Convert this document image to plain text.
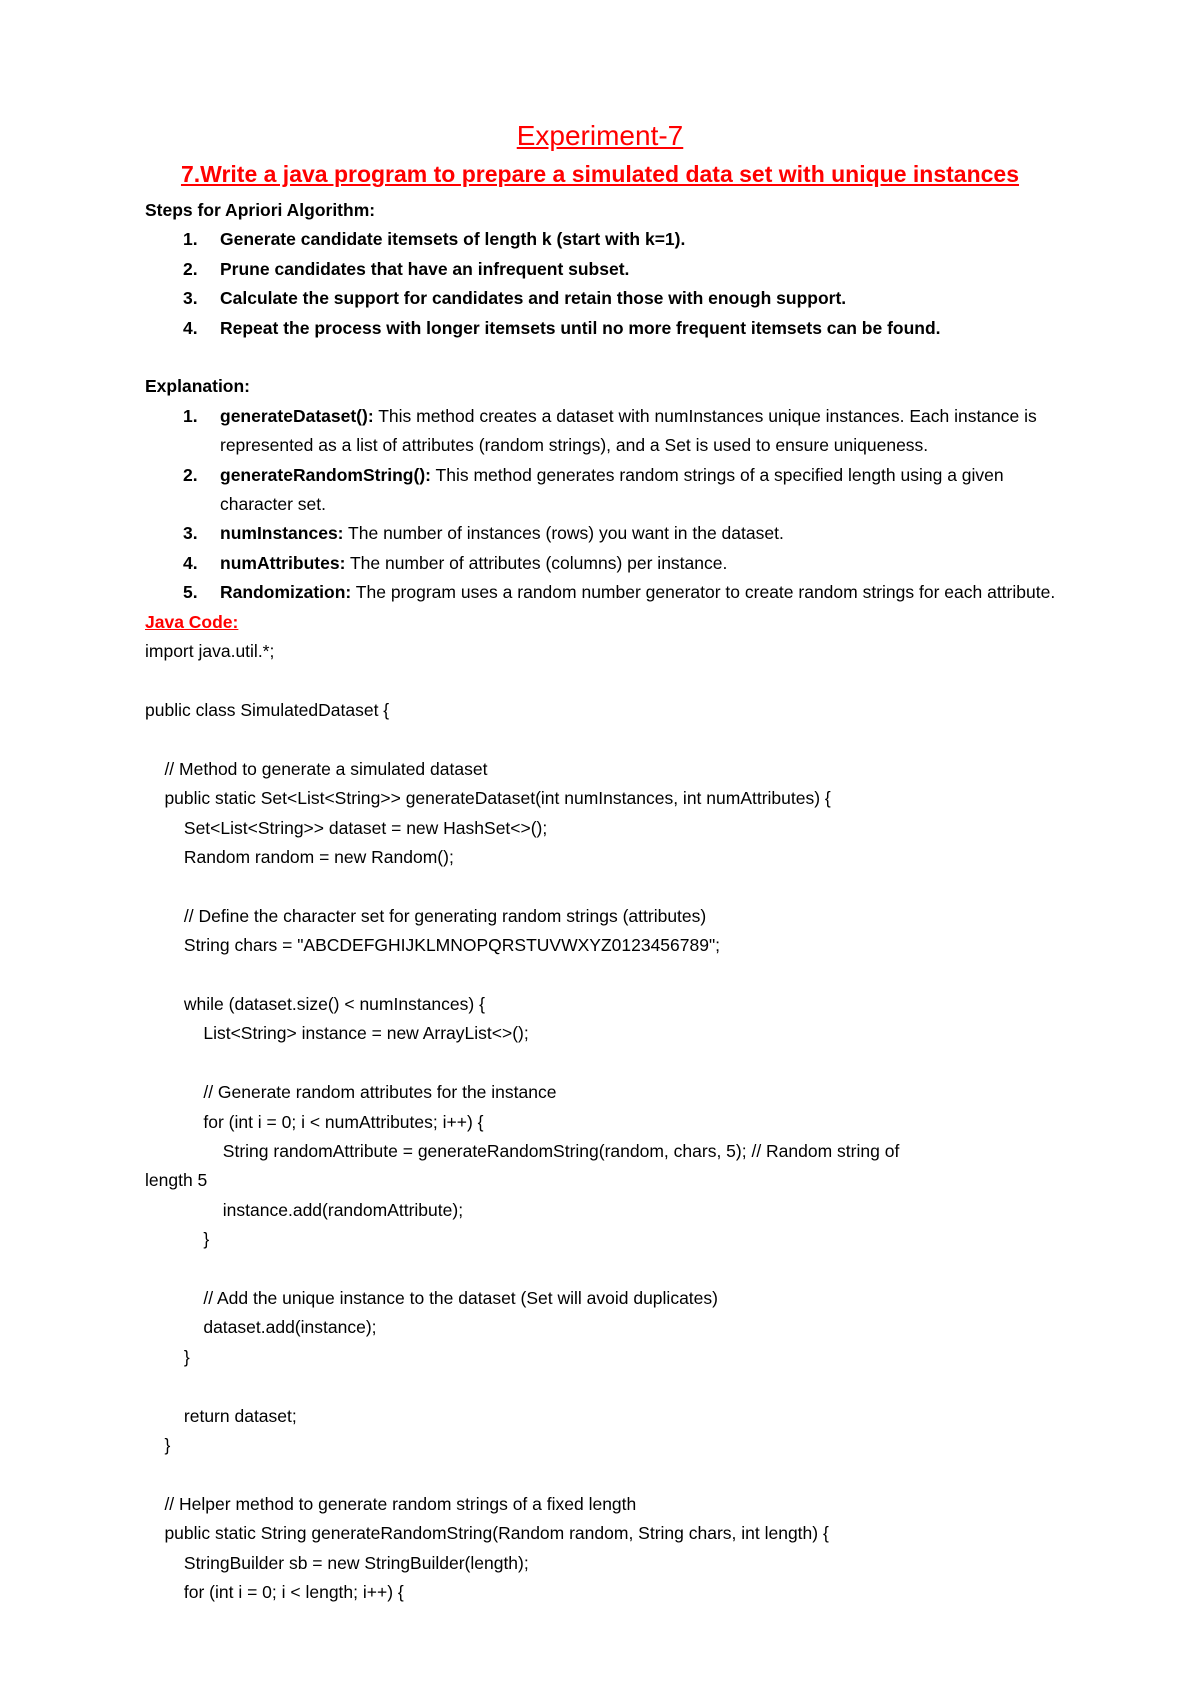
Experiment-7
7.Write a java program to prepare a simulated data set with unique instances
Steps for Apriori Algorithm:
1. Generate candidate itemsets of length k (start with k=1).
2. Prune candidates that have an infrequent subset.
3. Calculate the support for candidates and retain those with enough support.
4. Repeat the process with longer itemsets until no more frequent itemsets can be found.
Explanation:
1. generateDataset(): This method creates a dataset with numInstances unique instances. Each instance is represented as a list of attributes (random strings), and a Set is used to ensure uniqueness.
2. generateRandomString(): This method generates random strings of a specified length using a given character set.
3. numInstances: The number of instances (rows) you want in the dataset.
4. numAttributes: The number of attributes (columns) per instance.
5. Randomization: The program uses a random number generator to create random strings for each attribute.
Java Code:
import java.util.*;

public class SimulatedDataset {

// Method to generate a simulated dataset
public static Set<List<String>> generateDataset(int numInstances, int numAttributes) {
Set<List<String>> dataset = new HashSet<>();
Random random = new Random();

// Define the character set for generating random strings (attributes)
String chars = "ABCDEFGHIJKLMNOPQRSTUVWXYZ0123456789";

while (dataset.size() < numInstances) {
List<String> instance = new ArrayList<>();

// Generate random attributes for the instance
for (int i = 0; i < numAttributes; i++) {
String randomAttribute = generateRandomString(random, chars, 5); // Random string of
length 5
instance.add(randomAttribute);
}

// Add the unique instance to the dataset (Set will avoid duplicates)
dataset.add(instance);
}

return dataset;
}

// Helper method to generate random strings of a fixed length
public static String generateRandomString(Random random, String chars, int length) {
StringBuilder sb = new StringBuilder(length);
for (int i = 0; i < length; i++) {
